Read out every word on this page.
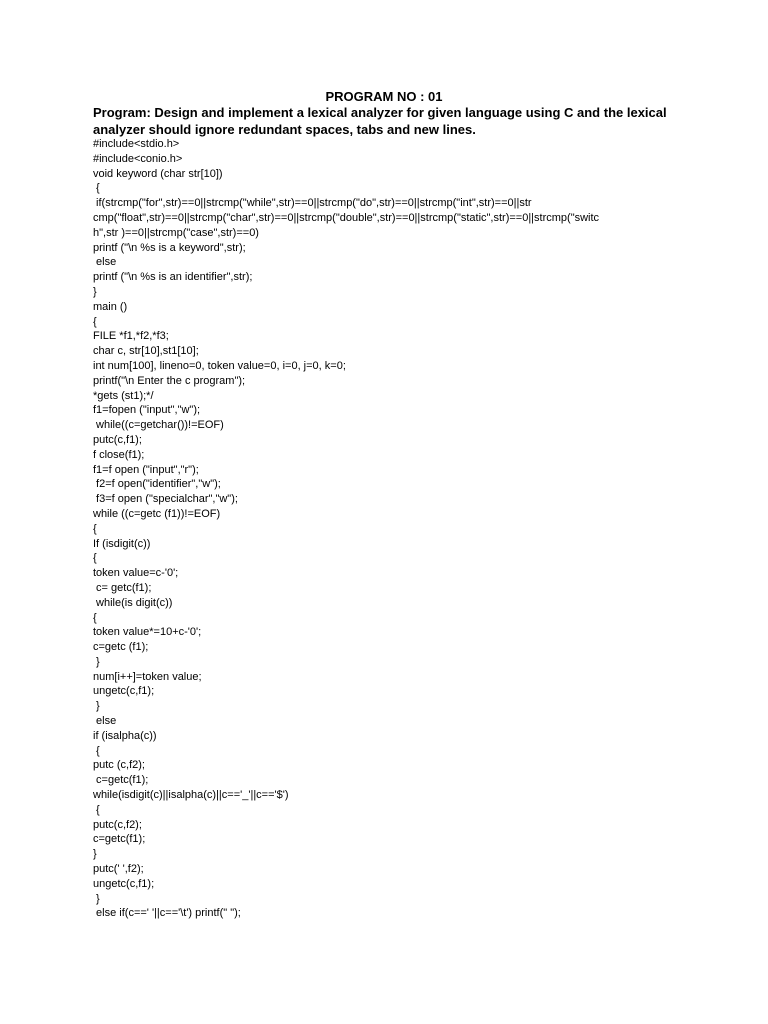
PROGRAM NO : 01
Program: Design and implement a lexical analyzer for given language using C and the lexical analyzer should ignore redundant spaces, tabs and new lines.
#include<stdio.h>
#include<conio.h>
void keyword (char str[10])
{
if(strcmp("for",str)==0||strcmp("while",str)==0||strcmp("do",str)==0||strcmp("int",str)==0||str
cmp("float",str)==0||strcmp("char",str)==0||strcmp("double",str)==0||strcmp("static",str)==0||strcmp("switc
h",str )==0||strcmp("case",str)==0)
printf ("\n %s is a keyword",str);
else
printf ("\n %s is an identifier",str);
}
main ()
{
FILE *f1,*f2,*f3;
char c, str[10],st1[10];
int num[100], lineno=0, token value=0, i=0, j=0, k=0;
printf("\n Enter the c program");
*gets (st1);*/
f1=fopen ("input","w");
while((c=getchar())!=EOF)
putc(c,f1);
f close(f1);
f1=f open ("input","r");
f2=f open("identifier","w");
f3=f open ("specialchar","w");
while ((c=getc (f1))!=EOF)
{
If (isdigit(c))
{
token value=c-'0';
c= getc(f1);
while(is digit(c))
{
token value*=10+c-'0';
c=getc (f1);
}
num[i++]=token value;
ungetc(c,f1);
}
else
if (isalpha(c))
{
putc (c,f2);
c=getc(f1);
while(isdigit(c)||isalpha(c)||c=='_'||c=='$')
{
putc(c,f2);
c=getc(f1);
}
putc(' ',f2);
ungetc(c,f1);
}
else if(c==' '||c=='\t') printf(" ");
